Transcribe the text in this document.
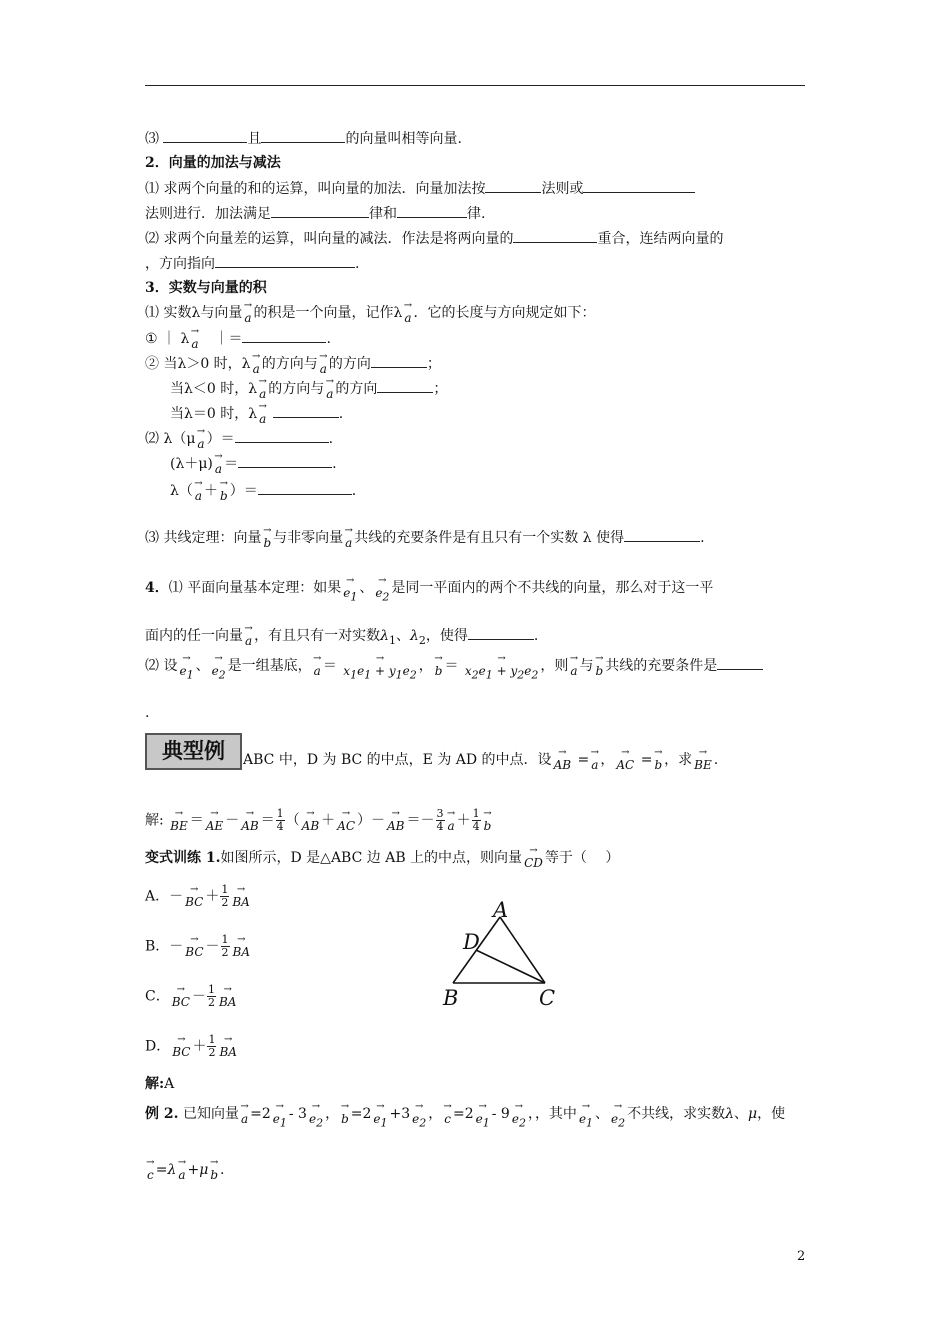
⑶	且	的向量叫相等向量.
2．向量的加法与减法
⑴ 求两个向量的和的运算，叫向量的加法．向量加法按	法则或
法则进行．加法满足	律和	律.
⑵ 求两个向量差的运算，叫向量的减法．作法是将两向量的	重合，连结两向量的
，方向指向	.
3．实数与向量的积
⑴ 实数λ与向量→ a 的积是一个向量，记作λ→ a ．它的长度与方向规定如下：
① ｜ λ→ a　 ｜＝	.
② 当λ＞0 时，λ→ a 的方向与→ a 的方向	；
当λ＜0 时，λ→ a 的方向与→ a 的方向	；
当λ＝0 时，λ→ a	.
⑵ λ（μ→ a ）＝	.
(λ＋μ)→ a ＝	.
λ（→ a ＋→ b ）＝	.
⑶ 共线定理：向量→ b 与非零向量→ a 共线的充要条件是有且只有一个实数 λ 使得	.
4．⑴ 平面向量基本定理：如果→ $e_1$、→ $e_2$是同一平面内的两个不共线的向量，那么对于这一平
面内的任一向量→ a ，有且只有一对实数$\lambda_1$、$\lambda_2$，使得	.
⑵ 设→ $e_1$、→ $e_2$是一组基底，→ a ＝ → $x_1e_1 + y_1e_2$，→ b ＝ → $x_2e_1 + y_2e_2$，则→ a 与→ b 共线的充要条件是
.
典型例	ABC 中，D 为 BC 的中点，E 为 AD 的中点．设→ AB =→ a ，→ AC =→ b ，求→ BE .
解: → BE ＝→ AE －→ AB ＝ $\frac{1}{4}$ （→ AB ＋→ AC ）－→ AB ＝－ $\frac{3}{4}$
→ $a + \frac{1}{4}$
→ b
变式训练 1.如图所示，D 是△ABC 边 AB 上的中点，则向量→ CD 等于（　 ）
A．－→ BC ＋ $\frac{1}{2}$
→ BA
B．－→ BC － $\frac{1}{2}$
→ BA
C．→ BC － $\frac{1}{2}$
→ BA
D．→ BC ＋ $\frac{1}{2}$
→ BA
解:A
A
D
B	C
例 2. 已知向量→ $a =2\to e_1-$ $3\to e_2$，→ $b =2\to e_1+3\to e_2$，→ $c =2\to e_1-$ $9\to e_2$，，其中→ $e_1$、→ $e_2$不共线，求实数λ、μ，使
→ c =λ→ a +μ→ b .
2
